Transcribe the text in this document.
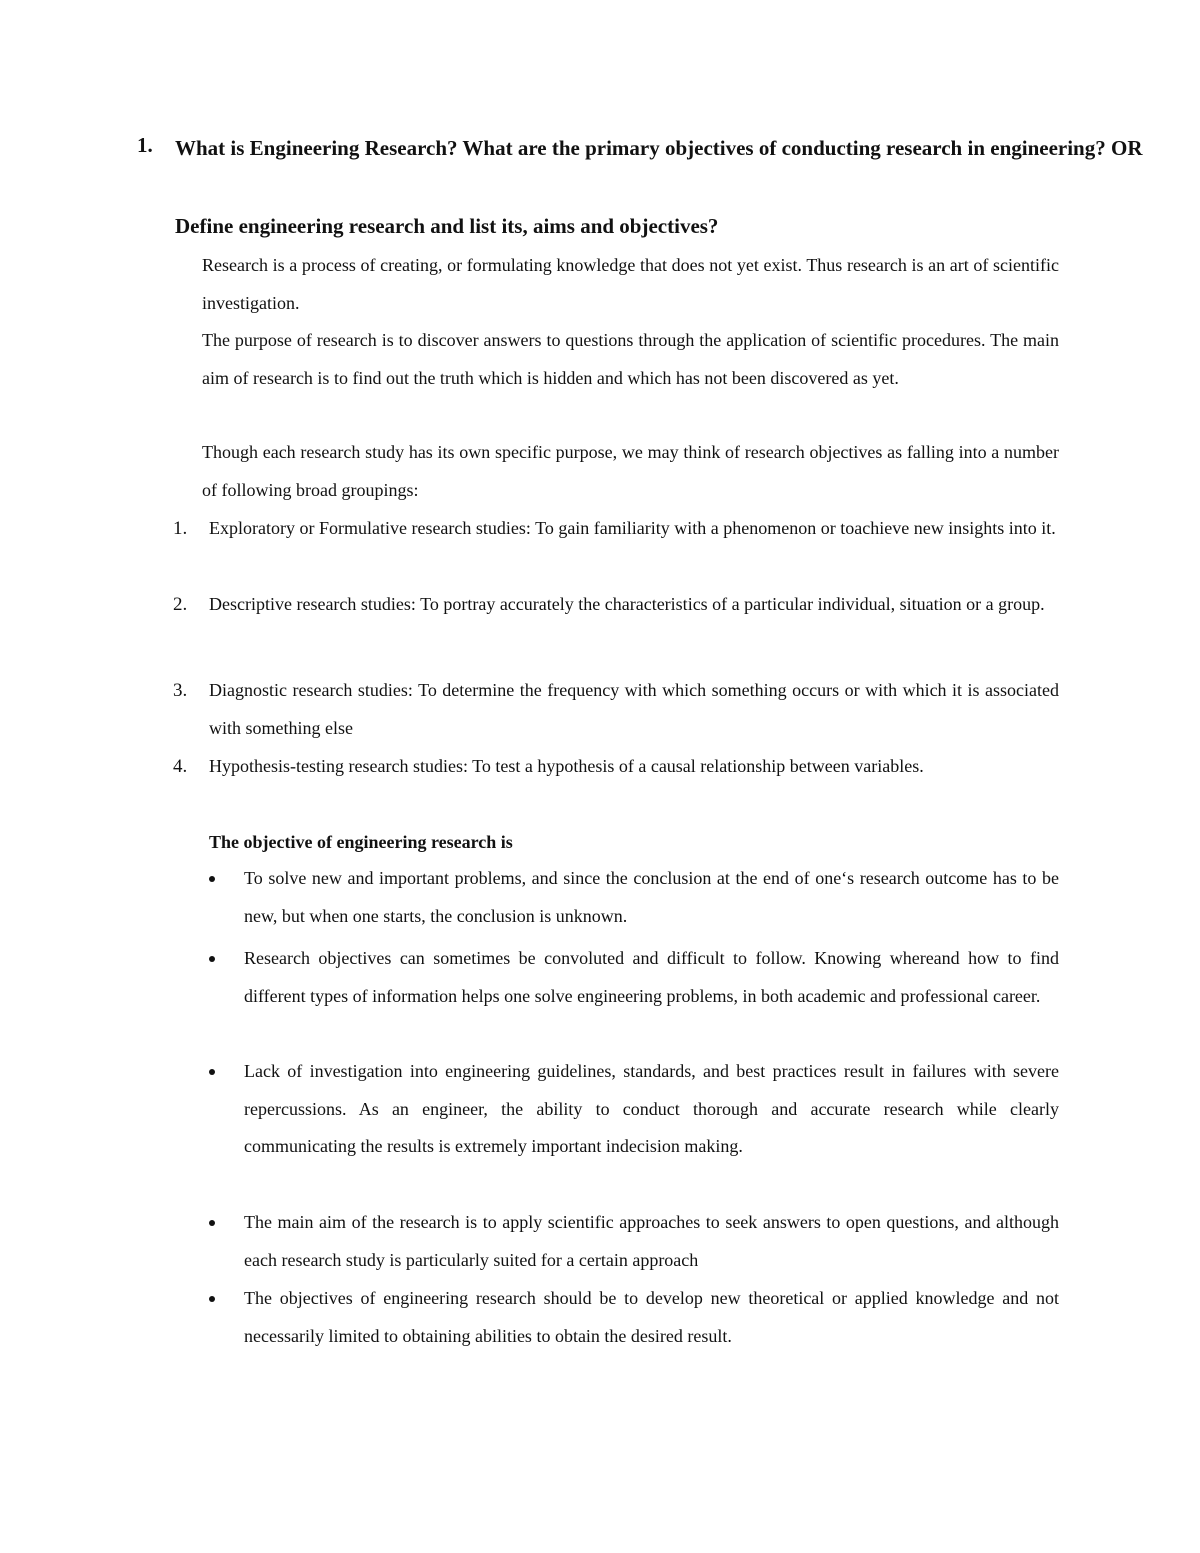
1. What is Engineering Research? What are the primary objectives of conducting research in engineering? OR
Define engineering research and list its, aims and objectives?

Research is a process of creating, or formulating knowledge that does not yet exist. Thus research is an art of scientific investigation.

The purpose of research is to discover answers to questions through the application of scientific procedures. The main aim of research is to find out the truth which is hidden and which has not been discovered as yet.

Though each research study has its own specific purpose, we may think of research objectives as falling into a number of following broad groupings:

1.	Exploratory or Formulative research studies: To gain familiarity with a phenomenon or toachieve new insights into it.
2.	Descriptive research studies: To portray accurately the characteristics of a particular individual, situation or a group.
3.	Diagnostic research studies: To determine the frequency with which something occurs or with which it is associated with something else
4.	Hypothesis-testing research studies: To test a hypothesis of a causal relationship between variables.
The objective of engineering research is
To solve new and important problems, and since the conclusion at the end of one‘s research outcome has to be new, but when one starts, the conclusion is unknown.
Research objectives can sometimes be convoluted and difficult to follow. Knowing whereand how to find different types of information helps one solve engineering problems, in both academic and professional career.
Lack of investigation into engineering guidelines, standards, and best practices result in failures with severe repercussions. As an engineer, the ability to conduct thorough and accurate research while clearly communicating the results is extremely important indecision making.
The main aim of the research is to apply scientific approaches to seek answers to open questions, and although each research study is particularly suited for a certain approach
The objectives of engineering research should be to develop new theoretical or applied knowledge and not necessarily limited to obtaining abilities to obtain the desired result.
